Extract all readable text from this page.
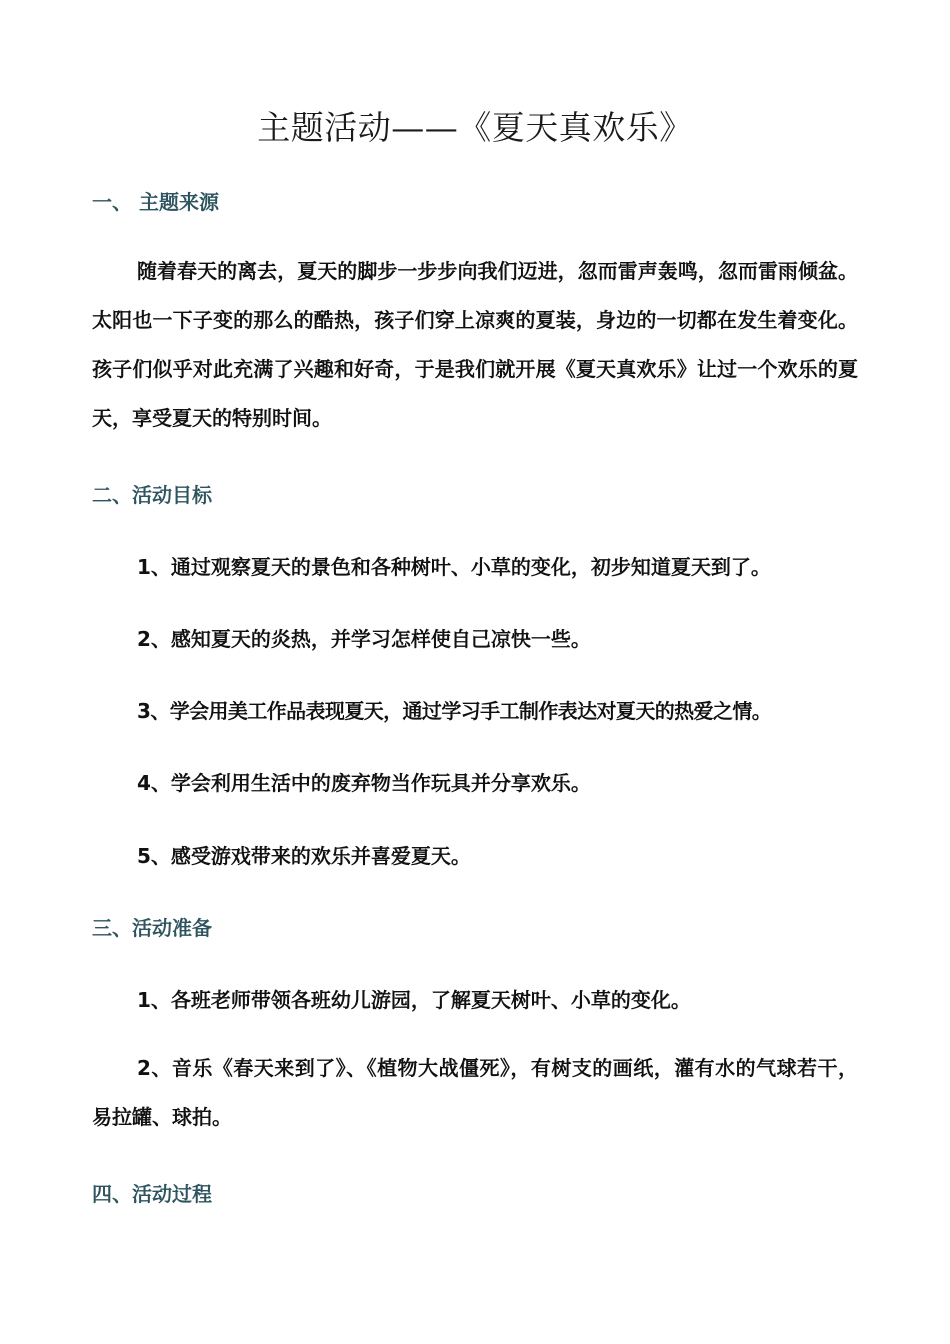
主题活动——《夏天真欢乐》
一、 主题来源
随着春天的离去，夏天的脚步一步步向我们迈进，忽而雷声轰鸣，忽而雷雨倾盆。太阳也一下子变的那么的酷热，孩子们穿上凉爽的夏装，身边的一切都在发生着变化。孩子们似乎对此充满了兴趣和好奇，于是我们就开展《夏天真欢乐》让过一个欢乐的夏天，享受夏天的特别时间。
二、活动目标
1、通过观察夏天的景色和各种树叶、小草的变化，初步知道夏天到了。
2、感知夏天的炎热，并学习怎样使自己凉快一些。
3、学会用美工作品表现夏天，通过学习手工制作表达对夏天的热爱之情。
4、学会利用生活中的废弃物当作玩具并分享欢乐。
5、感受游戏带来的欢乐并喜爱夏天。
三、活动准备
1、各班老师带领各班幼儿游园，了解夏天树叶、小草的变化。
2、音乐《春天来到了》、《植物大战僵死》，有树支的画纸，灌有水的气球若干，易拉罐、球拍。
四、活动过程
